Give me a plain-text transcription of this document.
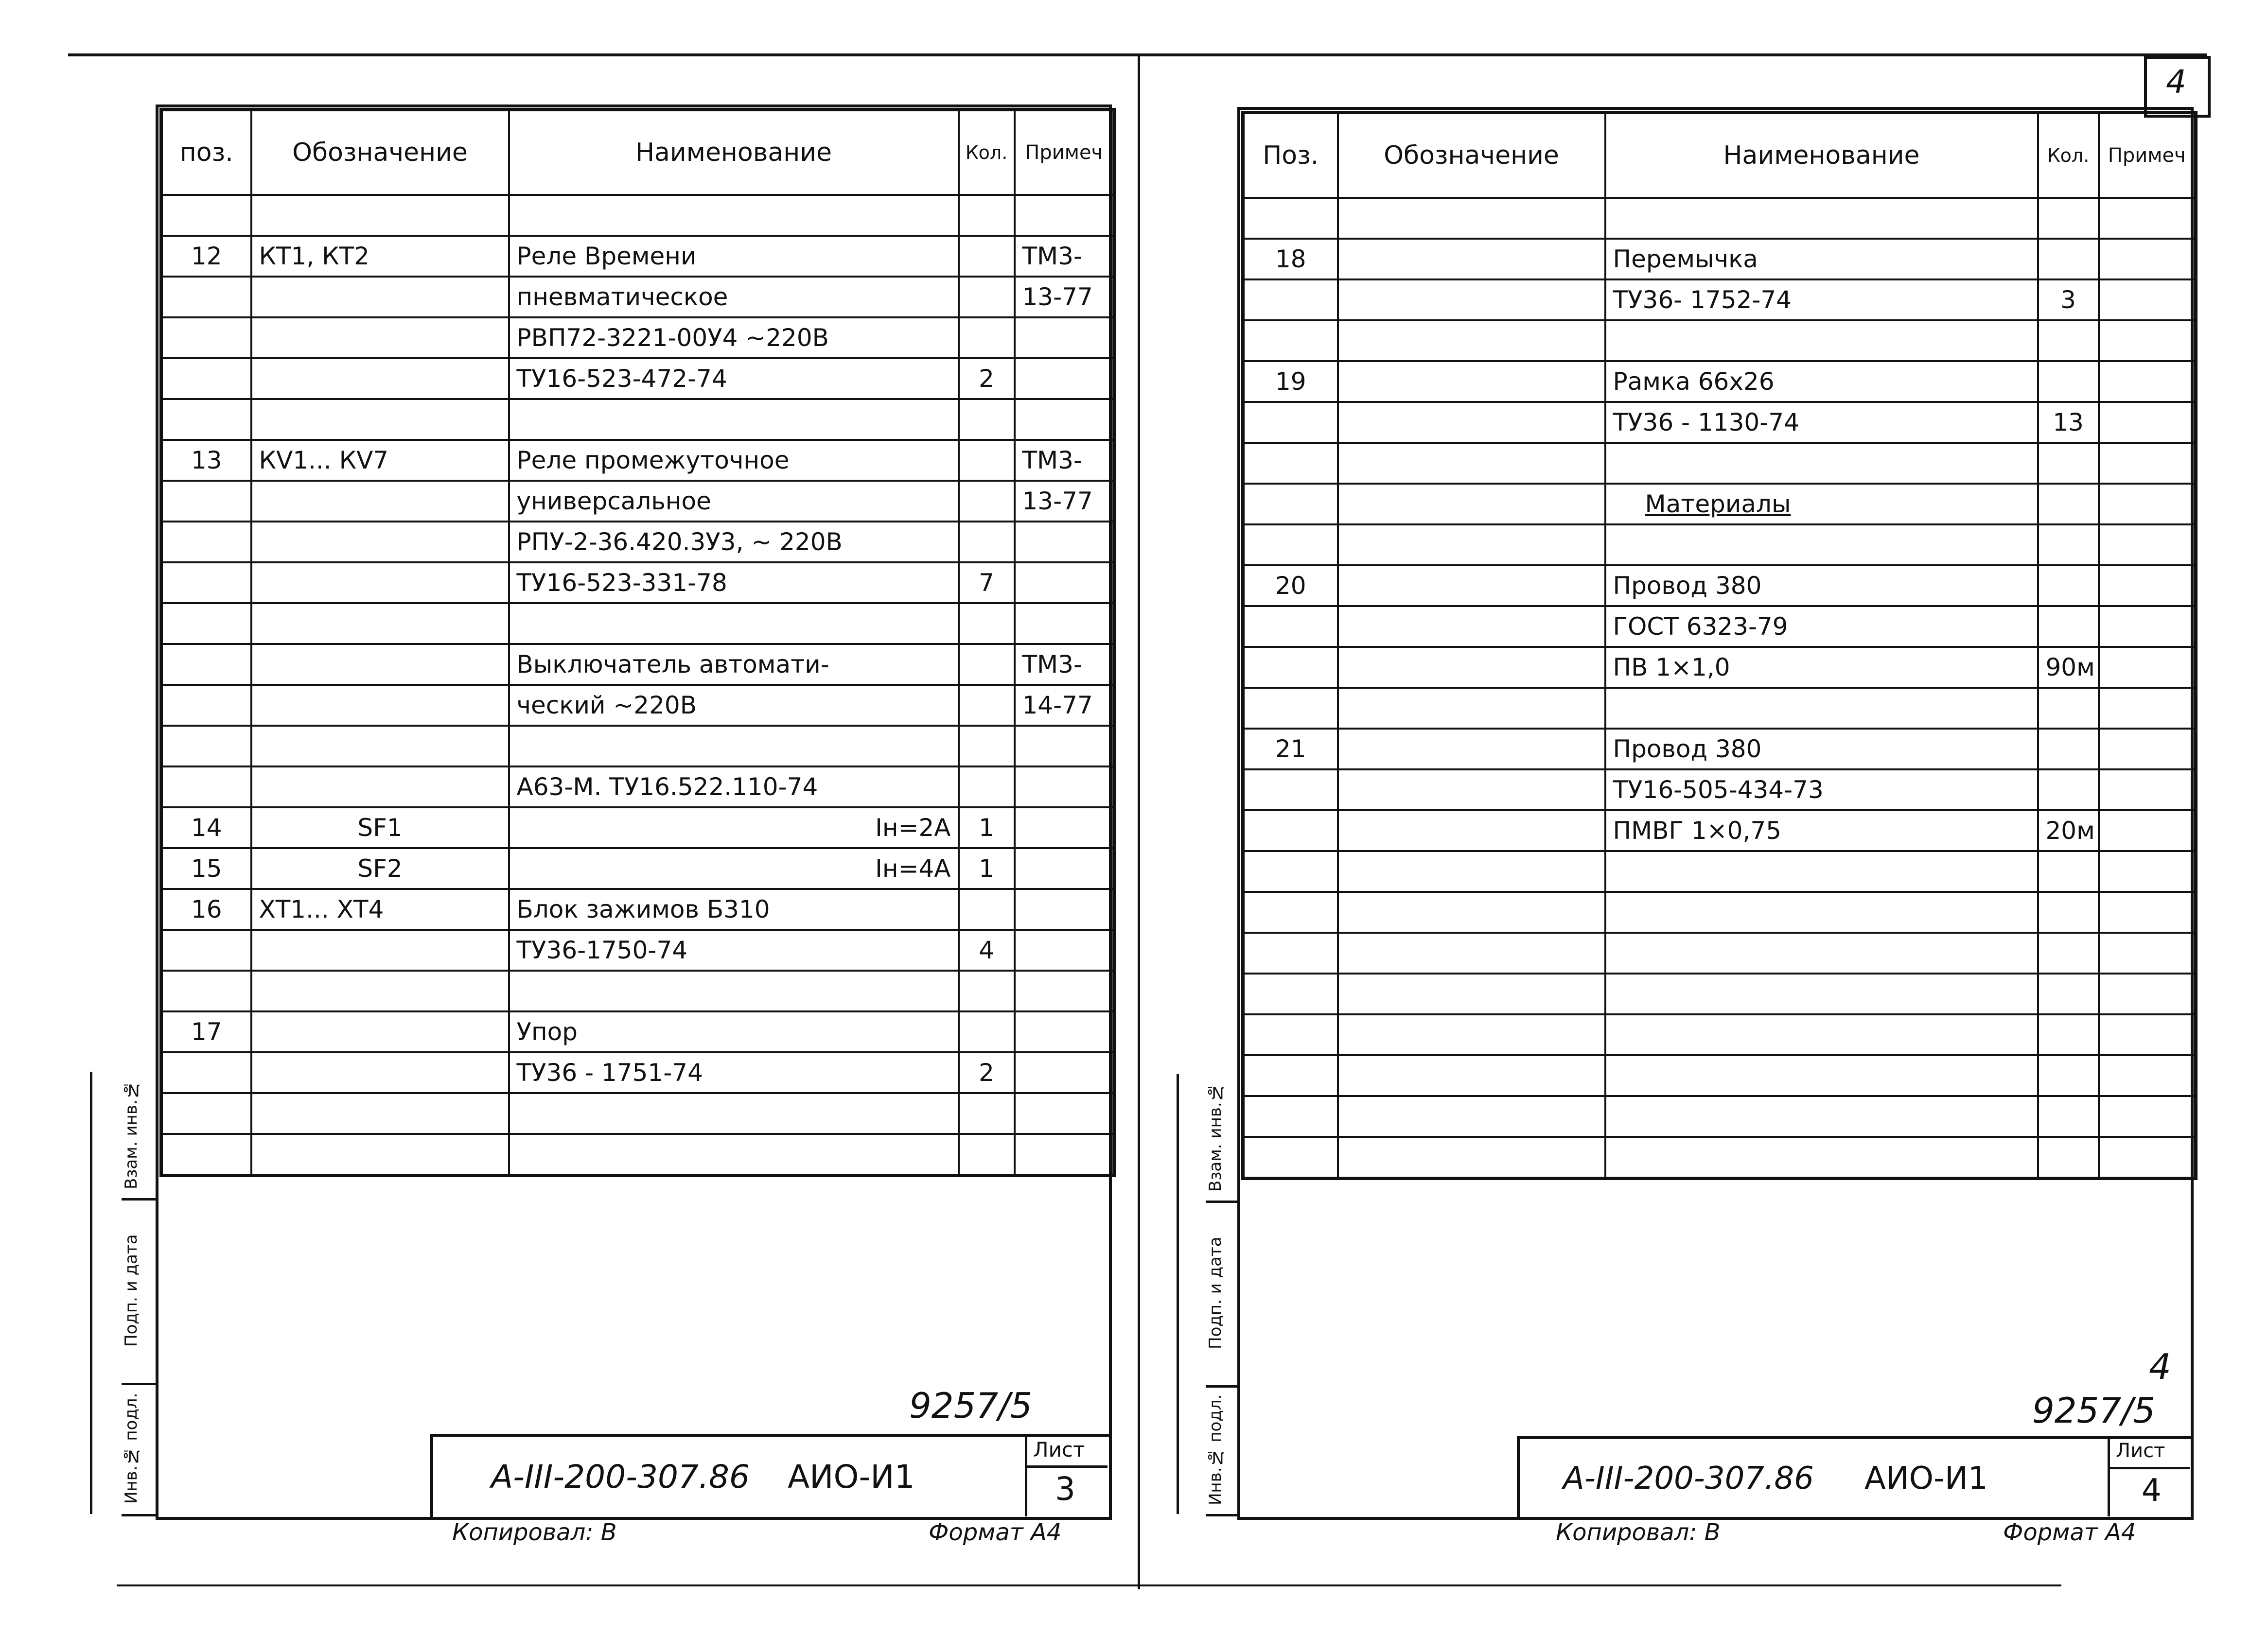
поз.	Обозначение	Наименование	Кол.	Примеч

12	КТ1, КТ2	Реле Времени		ТМ3-
		пневматическое		13-77
		РВП72-3221-00У4 ~220В		
		ТУ16-523-472-74	2	

13	КV1... КV7	Реле промежуточное		ТМ3-
		универсальное		13-77
		РПУ-2-36.420.3У3, ~ 220В		
		ТУ16-523-331-78	7	

		Выключатель автомати-		ТМ3-
		ческий ~220В		14-77

		А63-М. ТУ16.522.110-74		
14	SF1	Iн=2А	1	
15	SF2	Iн=4А	1	
16	ХТ1... ХТ4	Блок зажимов Б310		
		ТУ36-1750-74	4	

17		Упор		
		ТУ36 - 1751-74	2	

Взам. инв.№
Подп. и дата
Инв.№ подл.	9257/5
А-III-200-307.86 АИО-И1
Лист
3
Копировал: В	Формат А4
4
Поз.	Обозначение	Наименование	Кол.	Примеч

18		Перемычка		
		ТУ36- 1752-74	3	

19		Рамка 66х26		
		ТУ36 - 1130-74	13	

		Материалы		

20		Провод 380		
		ГОСТ 6323-79		
		ПВ 1×1,0	90м	

21		Провод 380		
		ТУ16-505-434-73		
		ПМВГ 1×0,75	20м	

Взам. инв.№
Подп. и дата
Инв.№ подл.
4
9257/5
А-III-200-307.86 АИО-И1
Лист
4
Копировал: В	Формат А4
